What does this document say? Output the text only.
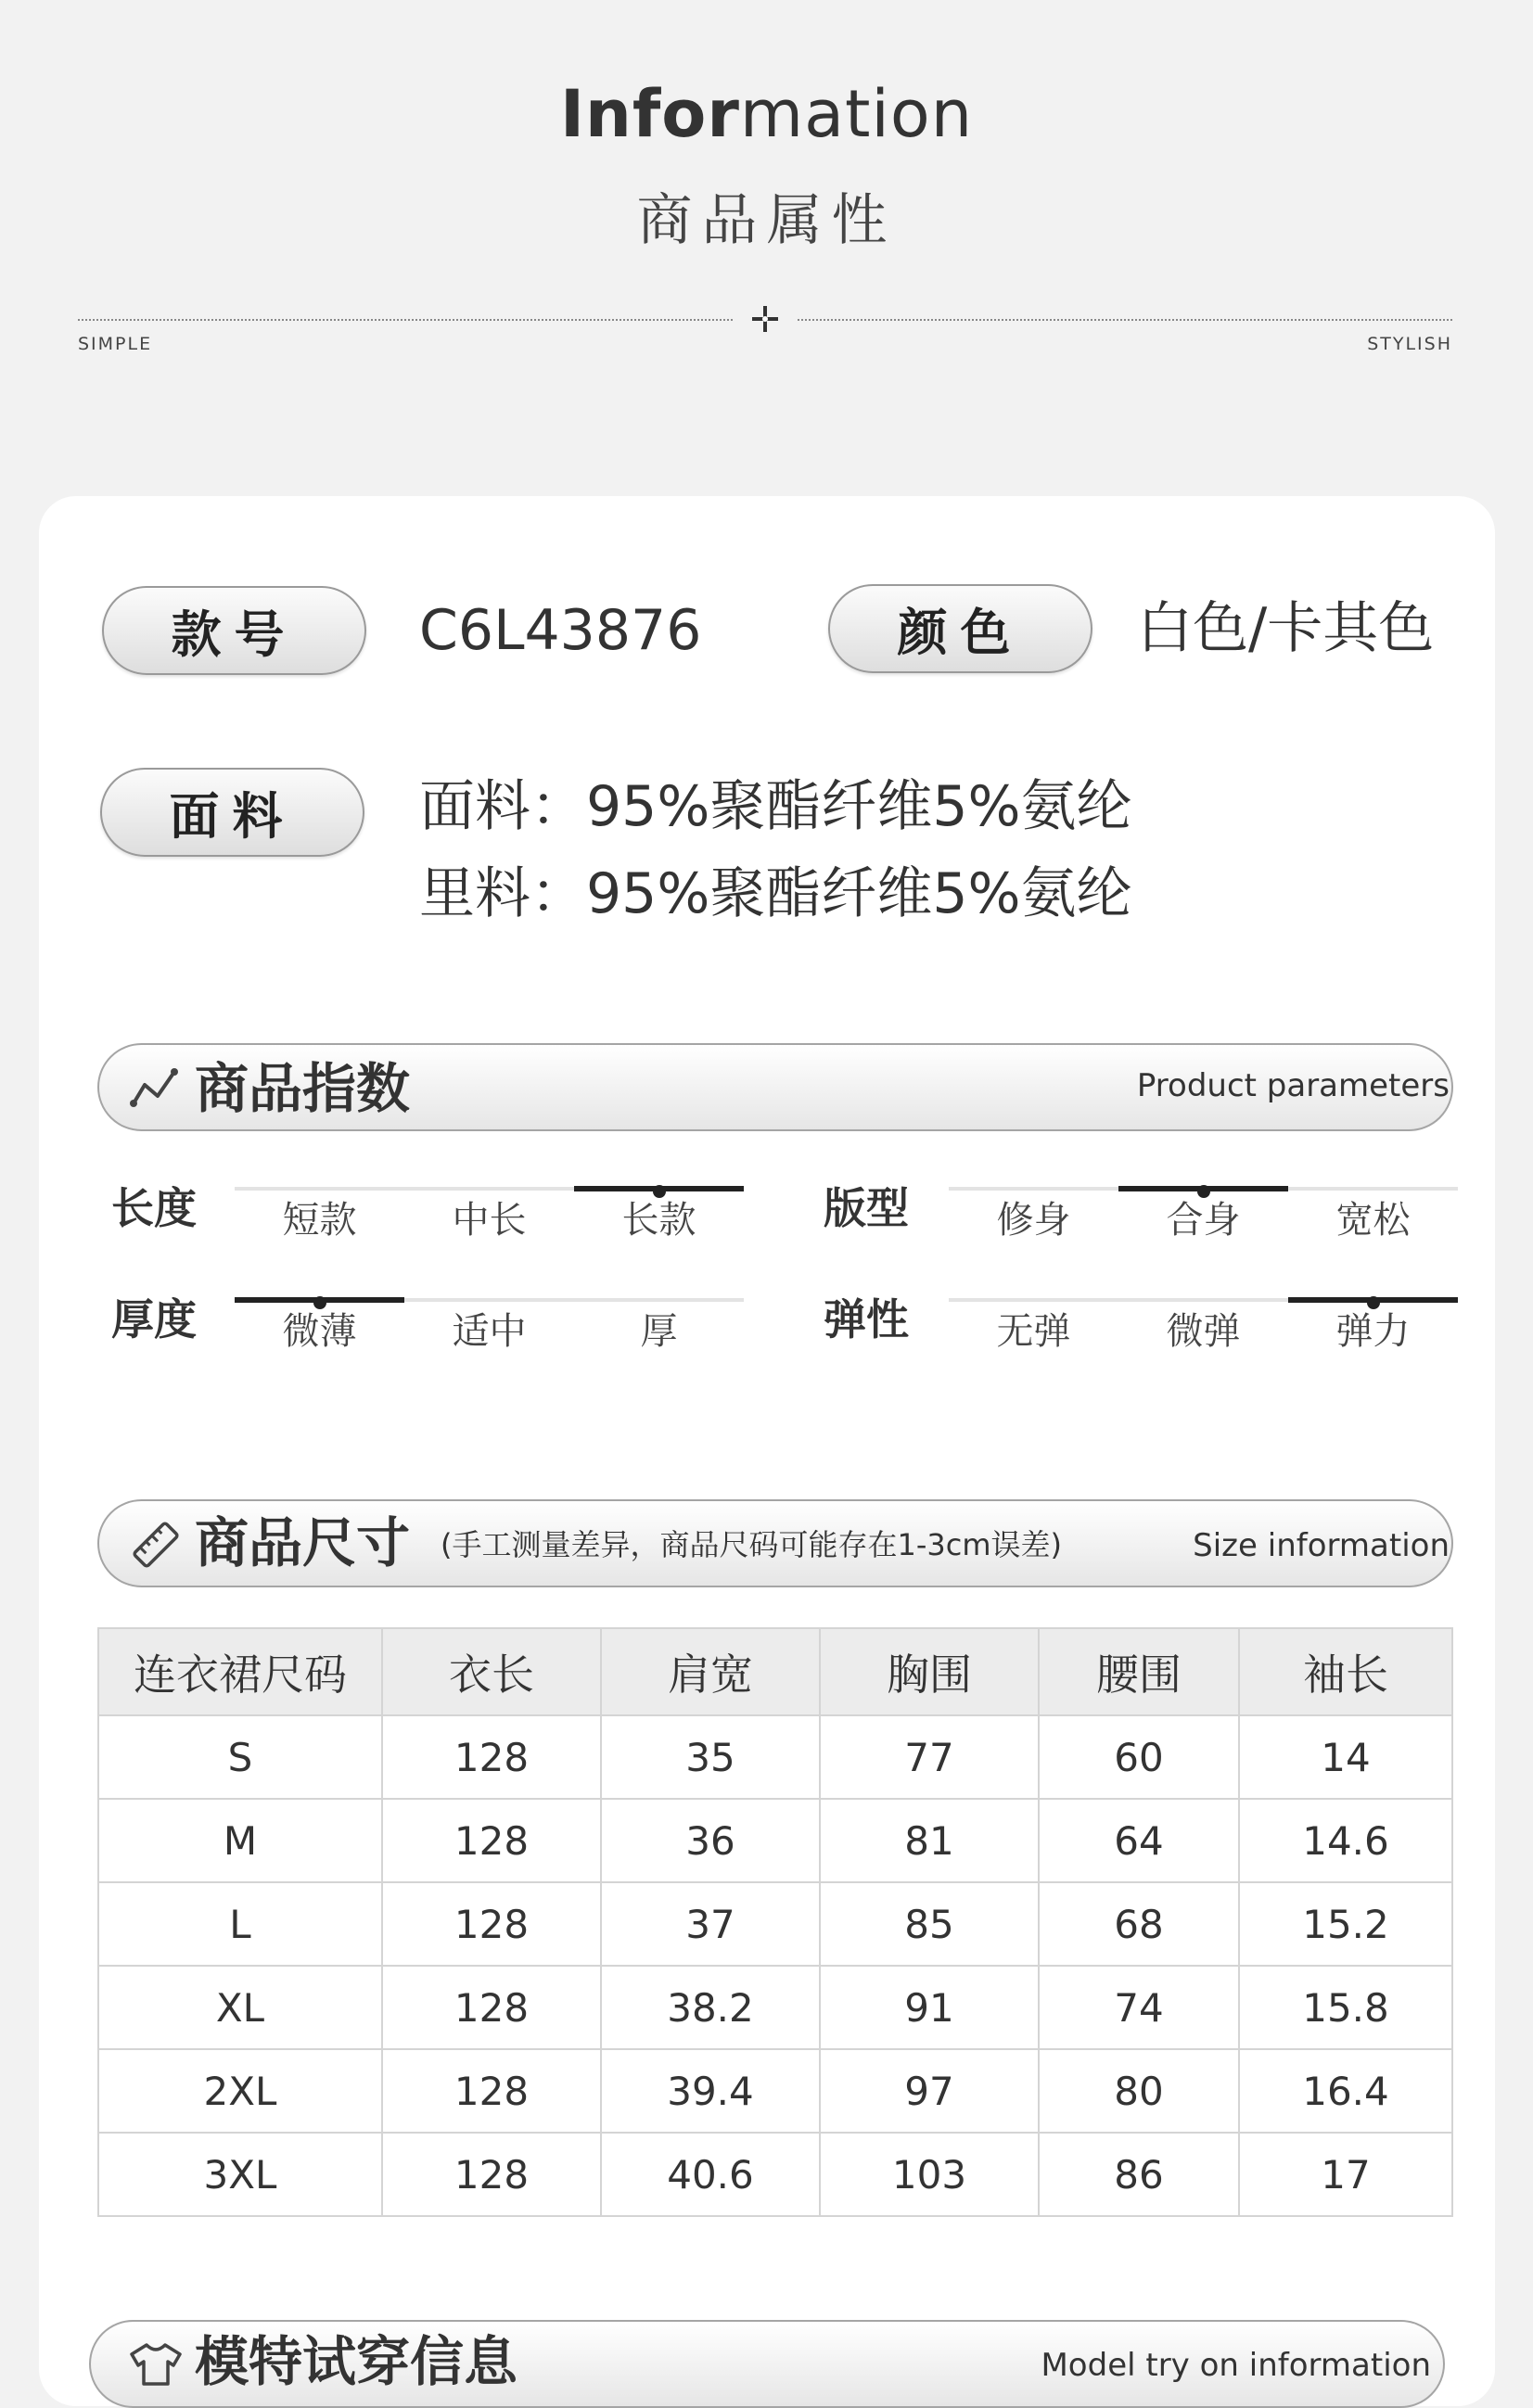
Information
商品属性
SIMPLE	STYLISH
款号	C6L43876	颜色	白色/卡其色
面料	面料：95%聚酯纤维5%氨纶
里料：95%聚酯纤维5%氨纶
商品指数	Product parameters
长度	短款	中长	长款
厚度	微薄	适中	厚
版型	修身	合身	宽松
弹性	无弹	微弹	弹力
商品尺寸 (手工测量差异，商品尺码可能存在1-3cm误差)	Size information
连衣裙尺码	衣长	肩宽	胸围	腰围	袖长
S	128	35	77	60	14
M	128	36	81	64	14.6
L	128	37	85	68	15.2
XL	128	38.2	91	74	15.8
2XL	128	39.4	97	80	16.4
3XL	128	40.6	103	86	17
模特试穿信息	Model try on information
